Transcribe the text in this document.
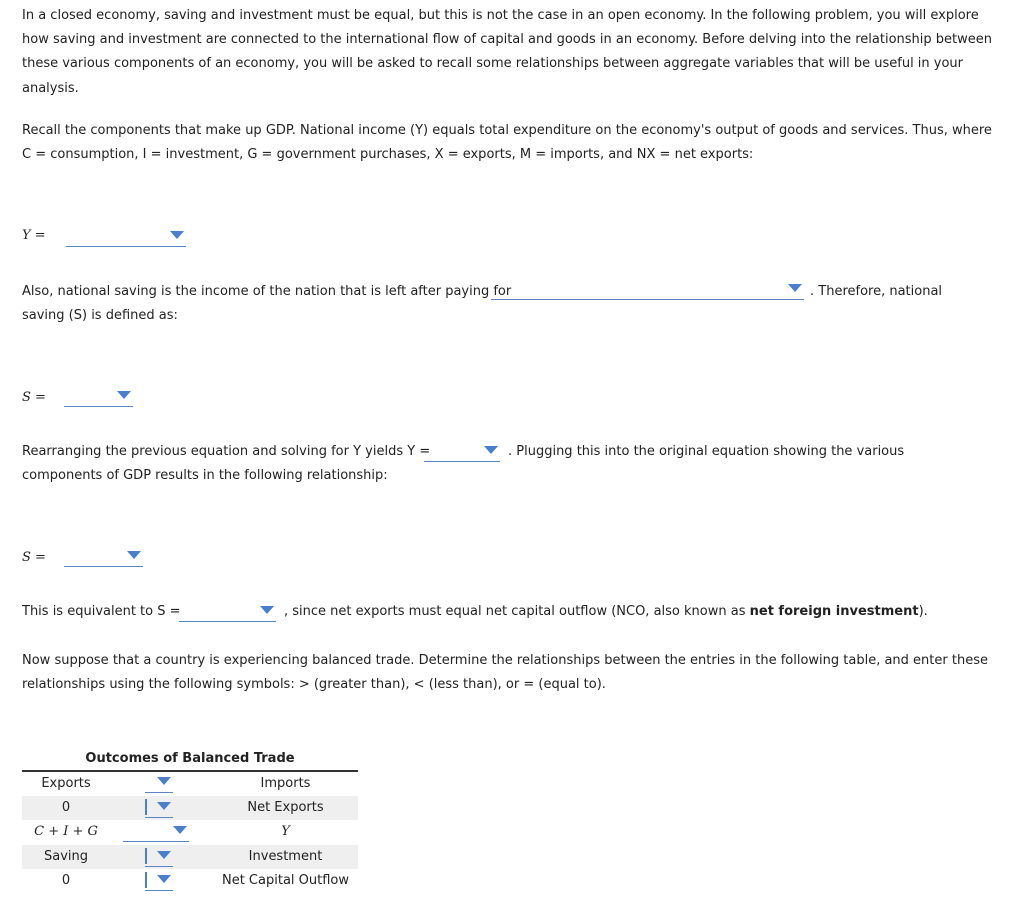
In a closed economy, saving and investment must be equal, but this is not the case in an open economy. In the following problem, you will explore
how saving and investment are connected to the international flow of capital and goods in an economy. Before delving into the relationship between
these various components of an economy, you will be asked to recall some relationships between aggregate variables that will be useful in your
analysis.
Recall the components that make up GDP. National income (Y) equals total expenditure on the economy's output of goods and services. Thus, where
C = consumption, I = investment, G = government purchases, X = exports, M = imports, and NX = net exports:
Y =
Also, national saving is the income of the nation that is left after paying for	. Therefore, national
saving (S) is defined as:
S =
Rearranging the previous equation and solving for Y yields Y =	. Plugging this into the original equation showing the various
components of GDP results in the following relationship:
S =
This is equivalent to S =	, since net exports must equal net capital outflow (NCO, also known as net foreign investment).
Now suppose that a country is experiencing balanced trade. Determine the relationships between the entries in the following table, and enter these
relationships using the following symbols: > (greater than), < (less than), or = (equal to).
Outcomes of Balanced Trade
Exports	Imports
0	Net Exports
C + I + G	Y
Saving	Investment
0	Net Capital Outflow
